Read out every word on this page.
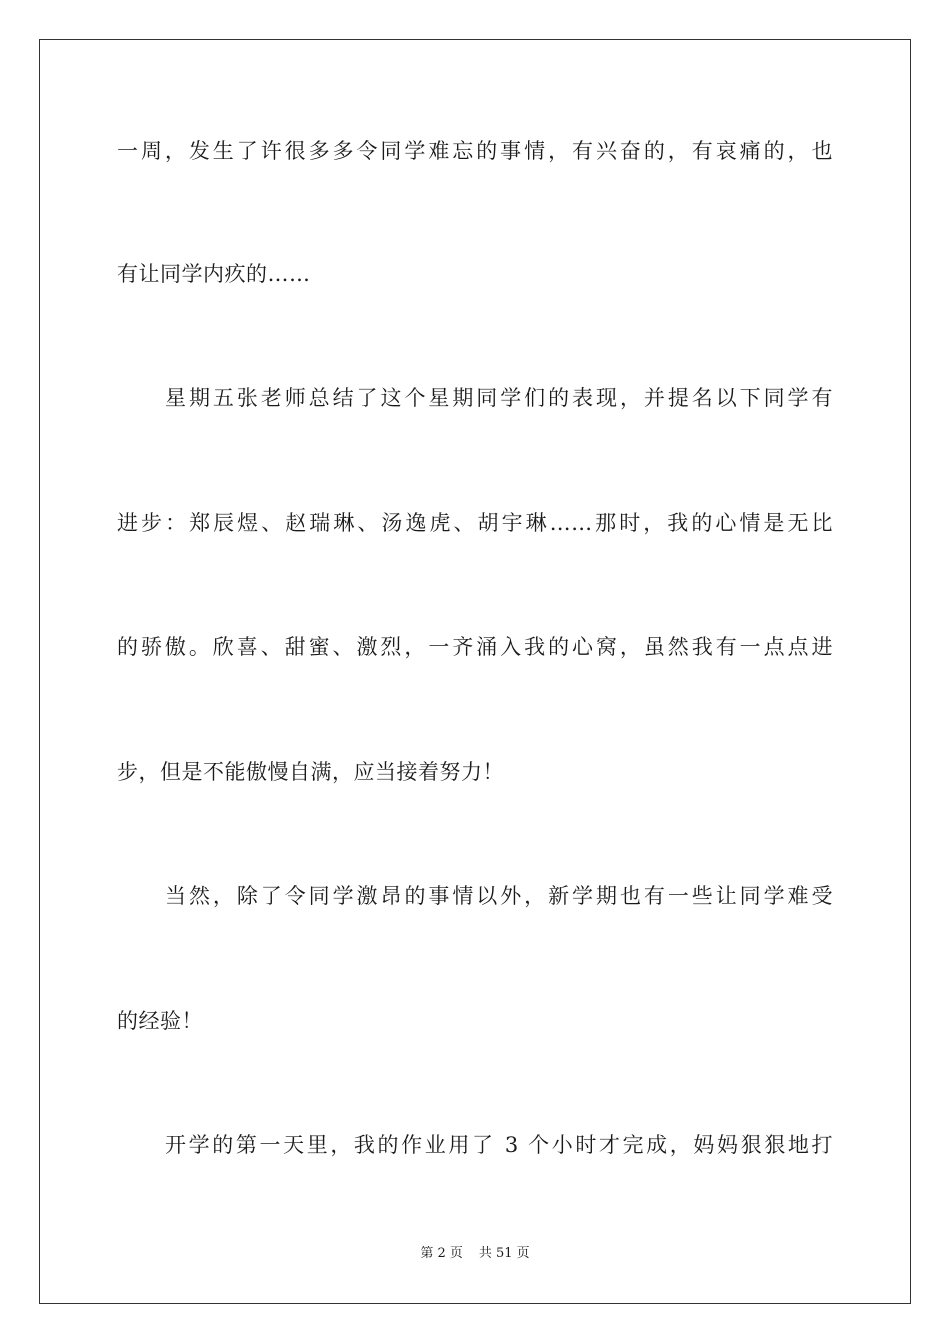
一周，发生了许很多多令同学难忘的事情，有兴奋的，有哀痛的，也
有让同学内疚的……
星期五张老师总结了这个星期同学们的表现，并提名以下同学有
进步：郑辰煜、赵瑞琳、汤逸虎、胡宇琳……那时，我的心情是无比
的骄傲。欣喜、甜蜜、激烈，一齐涌入我的心窝，虽然我有一点点进
步，但是不能傲慢自满，应当接着努力！
当然，除了令同学激昂的事情以外，新学期也有一些让同学难受
的经验！
开学的第一天里，我的作业用了 3 个小时才完成，妈妈狠狠地打
第 2 页 共 51 页
